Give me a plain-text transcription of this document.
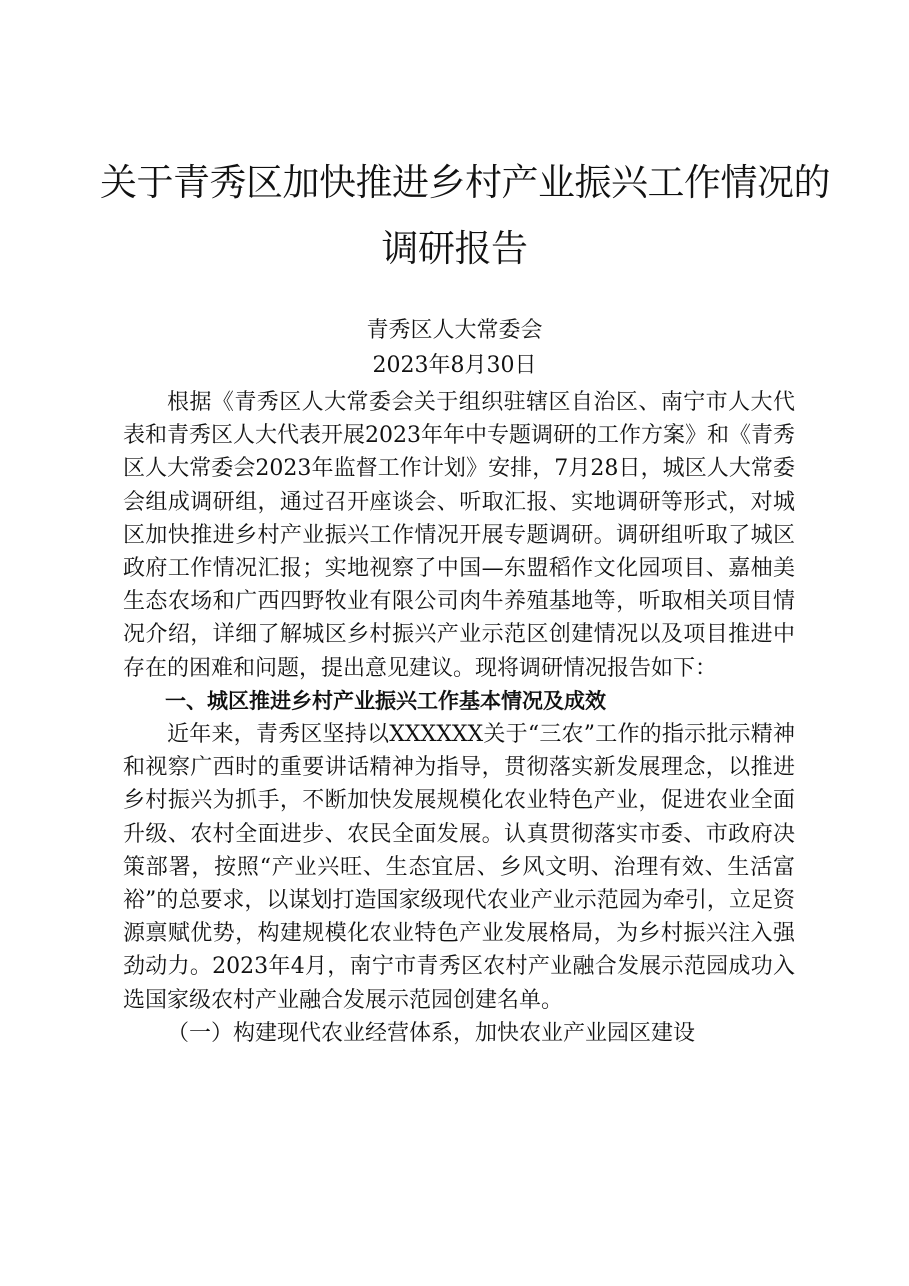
关于青秀区加快推进乡村产业振兴工作情况的
调研报告
青秀区人大常委会
2023年8月30日

根据《青秀区人大常委会关于组织驻辖区自治区、南宁市人大代表和青秀区人大代表开展2023年年中专题调研的工作方案》和《青秀区人大常委会2023年监督工作计划》安排，7月28日，城区人大常委会组成调研组，通过召开座谈会、听取汇报、实地调研等形式，对城区加快推进乡村产业振兴工作情况开展专题调研。调研组听取了城区政府工作情况汇报；实地视察了中国—东盟稻作文化园项目、嘉柚美生态农场和广西四野牧业有限公司肉牛养殖基地等，听取相关项目情况介绍，详细了解城区乡村振兴产业示范区创建情况以及项目推进中存在的困难和问题，提出意见建议。现将调研情况报告如下：

一、城区推进乡村产业振兴工作基本情况及成效

近年来，青秀区坚持以XXXXXX关于“三农”工作的指示批示精神和视察广西时的重要讲话精神为指导，贯彻落实新发展理念，以推进乡村振兴为抓手，不断加快发展规模化农业特色产业，促进农业全面升级、农村全面进步、农民全面发展。认真贯彻落实市委、市政府决策部署，按照“产业兴旺、生态宜居、乡风文明、治理有效、生活富裕”的总要求，以谋划打造国家级现代农业产业示范园为牵引，立足资源禀赋优势，构建规模化农业特色产业发展格局，为乡村振兴注入强劲动力。2023年4月，南宁市青秀区农村产业融合发展示范园成功入选国家级农村产业融合发展示范园创建名单。

（一）构建现代农业经营体系，加快农业产业园区建设
